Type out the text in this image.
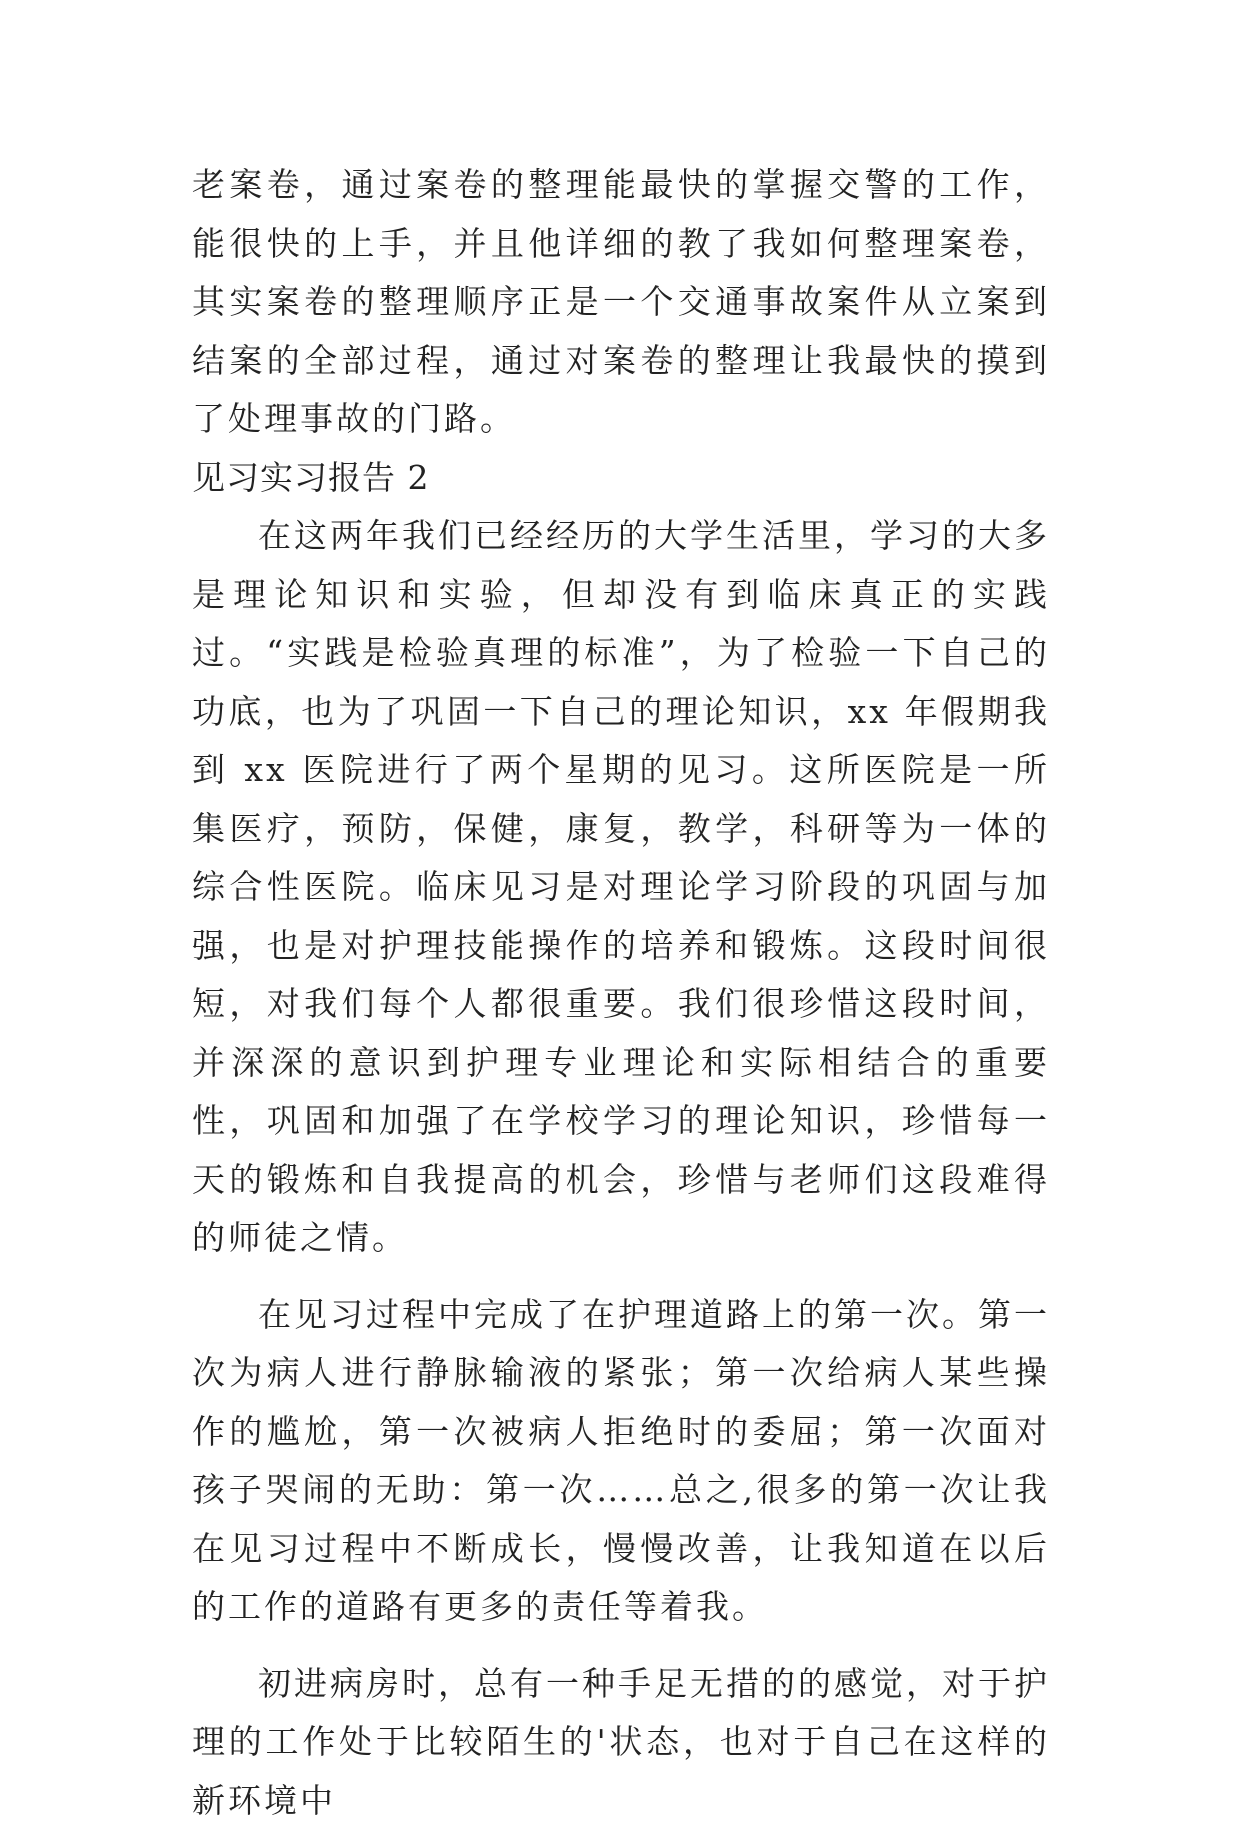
老案卷，通过案卷的整理能最快的掌握交警的工作，能很快的上手，并且他详细的教了我如何整理案卷，其实案卷的整理顺序正是一个交通事故案件从立案到结案的全部过程，通过对案卷的整理让我最快的摸到了处理事故的门路。

见习实习报告 2

在这两年我们已经经历的大学生活里，学习的大多是理论知识和实验，但却没有到临床真正的实践过。“实践是检验真理的标准”，为了检验一下自己的功底，也为了巩固一下自己的理论知识，xx 年假期我到 xx 医院进行了两个星期的见习。这所医院是一所集医疗，预防，保健，康复，教学，科研等为一体的综合性医院。临床见习是对理论学习阶段的巩固与加强，也是对护理技能操作的培养和锻炼。这段时间很短，对我们每个人都很重要。我们很珍惜这段时间，并深深的意识到护理专业理论和实际相结合的重要性，巩固和加强了在学校学习的理论知识，珍惜每一天的锻炼和自我提高的机会，珍惜与老师们这段难得的师徒之情。

在见习过程中完成了在护理道路上的第一次。第一次为病人进行静脉输液的紧张；第一次给病人某些操作的尴尬，第一次被病人拒绝时的委屈；第一次面对孩子哭闹的无助：第一次……总之,很多的第一次让我在见习过程中不断成长，慢慢改善，让我知道在以后的工作的道路有更多的责任等着我。

初进病房时，总有一种手足无措的的感觉，对于护理的工作处于比较陌生的'状态，也对于自己在这样的新环境中
